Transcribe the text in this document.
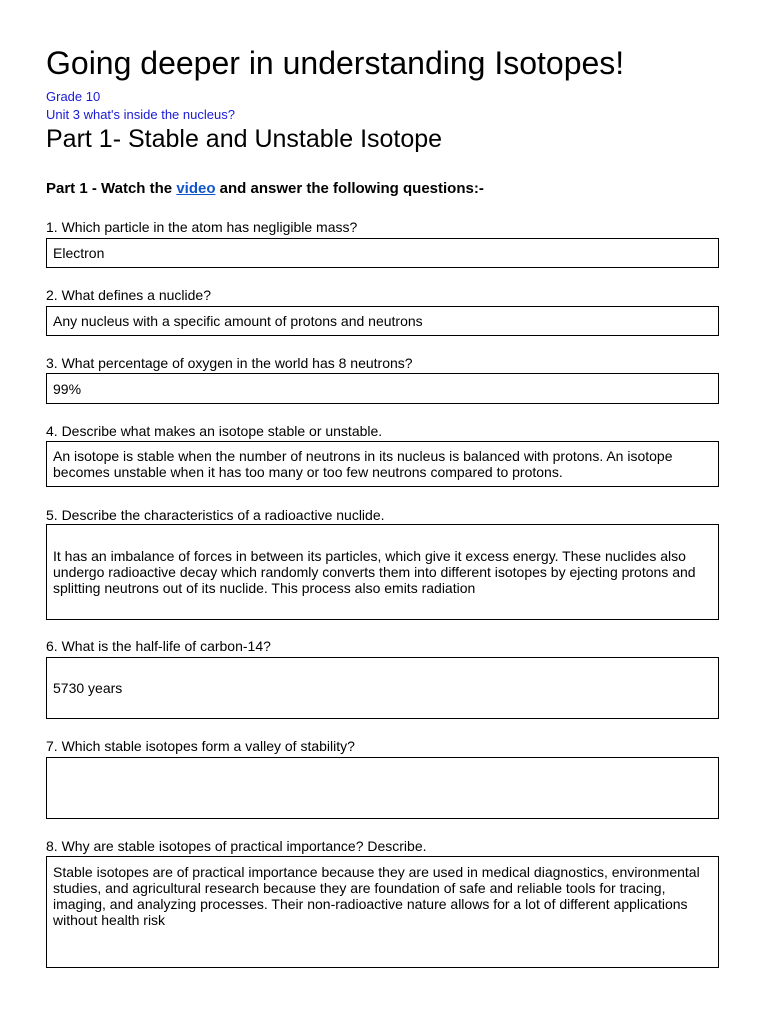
Going deeper in understanding Isotopes!
Grade 10
Unit 3 what's inside the nucleus?
Part 1- Stable and Unstable Isotope
Part 1 - Watch the video and answer the following questions:-
1. Which particle in the atom has negligible mass?
Electron
2. What defines a nuclide?
Any nucleus with a specific amount of protons and neutrons
3. What percentage of oxygen in the world has 8 neutrons?
99%
4. Describe what makes an isotope stable or unstable.
An isotope is stable when the number of neutrons in its nucleus is balanced with protons. An isotope becomes unstable when it has too many or too few neutrons compared to protons.
5. Describe the characteristics of a radioactive nuclide.
It has an imbalance of forces in between its particles, which give it excess energy. These nuclides also undergo radioactive decay which randomly converts them into different isotopes by ejecting protons and splitting neutrons out of its nuclide. This process also emits radiation
6. What is the half-life of carbon-14?
5730 years
7. Which stable isotopes form a valley of stability?
8. Why are stable isotopes of practical importance? Describe.
Stable isotopes are of practical importance because they are used in medical diagnostics, environmental studies, and agricultural research because they are foundation of safe and reliable tools for tracing, imaging, and analyzing processes. Their non-radioactive nature allows for a lot of different applications without health risk
